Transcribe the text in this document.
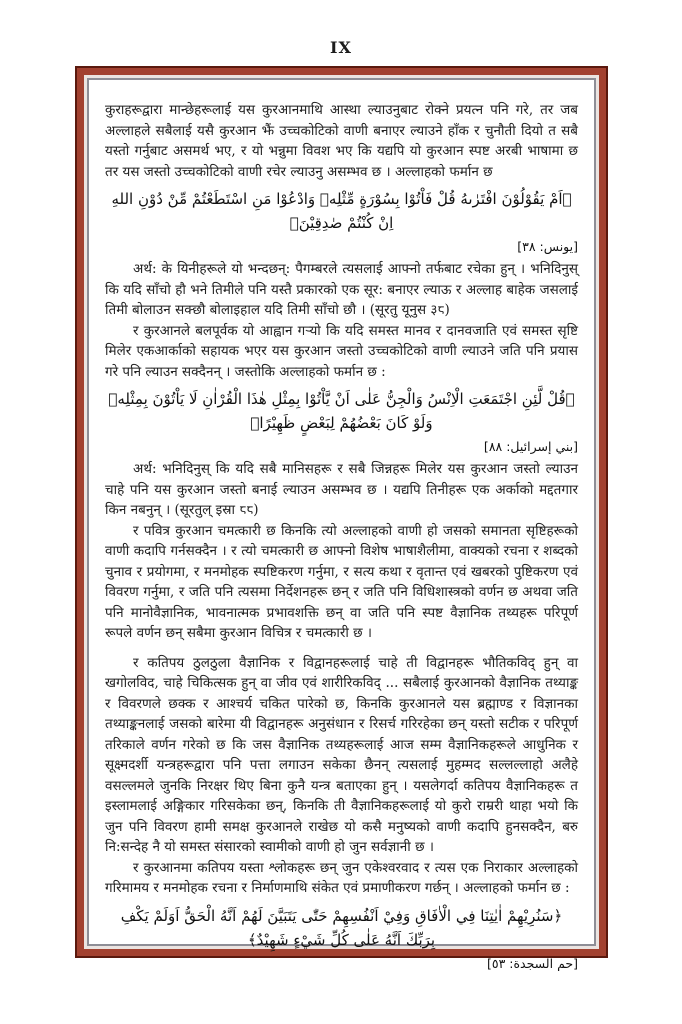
IX

कुराहरूद्वारा मान्छेहरूलाई यस कुरआनमाथि आस्था ल्याउनुबाट रोक्ने प्रयत्न पनि गरे, तर जब अल्लाहले सबैलाई यसै कुरआन झैं उच्चकोटिको वाणी बनाएर ल्याउने हाँक र चुनौती दियो त सबै यस्तो गर्नुबाट असमर्थ भए, र यो भन्नुमा विवश भए कि यद्यपि यो कुरआन स्पष्ट अरबी भाषामा छ तर यस जस्तो उच्चकोटिको वाणी रचेर ल्याउनु असम्भव छ । अल्लाहको फर्मान छ

﴿اَمْ يَقُوْلُوْنَ افْتَرٰىهُ قُلْ فَاْتُوْا بِسُوْرَةٍ مِّثْلِهٖ وَادْعُوْا مَنِ اسْتَطَعْتُمْ مِّنْ دُوْنِ اللهِ اِنْ كُنْتُمْ صٰدِقِيْنَ﴾
[يونس: ٣٨]

अर्थ: के यिनीहरूले यो भन्दछन्: पैगम्बरले त्यसलाई आफ्नो तर्फबाट रचेका हुन् । भनिदिनुस् कि यदि साँचो हौ भने तिमीले पनि यस्तै प्रकारको एक सूर: बनाएर ल्याऊ र अल्लाह बाहेक जसलाई तिमी बोलाउन सक्छौ बोलाइहाल यदि तिमी साँचो छौ । (सूरतु यूनुस ३८)

र कुरआनले बलपूर्वक यो आह्वान गऱ्यो कि यदि समस्त मानव र दानवजाति एवं समस्त सृष्टि मिलेर एकआर्काको सहायक भएर यस कुरआन जस्तो उच्चकोटिको वाणी ल्याउने जति पनि प्रयास गरे पनि ल्याउन सक्दैनन् । जस्तोकि अल्लाहको फर्मान छ :

﴿قُلْ لَّئِنِ اجْتَمَعَتِ الْاِنْسُ وَالْجِنُّ عَلٰى اَنْ يَّاْتُوْا بِمِثْلِ هٰذَا الْقُرْاٰنِ لَا يَاْتُوْنَ بِمِثْلِهٖ وَلَوْ كَانَ بَعْضُهُمْ لِبَعْضٍ ظَهِيْرًا﴾
[بني إسرائيل: ٨٨]

अर्थ: भनिदिनुस् कि यदि सबै मानिसहरू र सबै जिन्नहरू मिलेर यस कुरआन जस्तो ल्याउन चाहे पनि यस कुरआन जस्तो बनाई ल्याउन असम्भव छ । यद्यपि तिनीहरू एक अर्काको मद्दतगार किन नबनुन् । (सूरतुल् इस्रा ८८)

र पवित्र कुरआन चमत्कारी छ किनकि त्यो अल्लाहको वाणी हो जसको समानता सृष्टिहरूको वाणी कदापि गर्नसक्दैन । र त्यो चमत्कारी छ आफ्नो विशेष भाषाशैलीमा, वाक्यको रचना र शब्दको चुनाव र प्रयोगमा, र मनमोहक स्पष्टिकरण गर्नुमा, र सत्य कथा र वृतान्त एवं खबरको पुष्टिकरण एवं विवरण गर्नुमा, र जति पनि त्यसमा निर्देशनहरू छन् र जति पनि विधिशास्त्रको वर्णन छ अथवा जति पनि मानोवैज्ञानिक, भावनात्मक प्रभावशक्ति छन् वा जति पनि स्पष्ट वैज्ञानिक तथ्यहरू परिपूर्ण रूपले वर्णन छन् सबैमा कुरआन विचित्र र चमत्कारी छ ।

र कतिपय ठुलठुला वैज्ञानिक र विद्वानहरूलाई चाहे ती विद्वानहरू भौतिकविद् हुन् वा खगोलविद, चाहे चिकित्सक हुन् वा जीव एवं शारीरिकविद् ... सबैलाई कुरआनको वैज्ञानिक तथ्याङ्क र विवरणले छक्क र आश्चर्य चकित पारेको छ, किनकि कुरआनले यस ब्रह्माण्ड र विज्ञानका तथ्याङ्कनलाई जसको बारेमा यी विद्वानहरू अनुसंधान र रिसर्च गरिरहेका छन् यस्तो सटीक र परिपूर्ण तरिकाले वर्णन गरेको छ कि जस वैज्ञानिक तथ्यहरूलाई आज सम्म वैज्ञानिकहरूले आधुनिक र सूक्ष्मदर्शी यन्त्रहरूद्वारा पनि पत्ता लगाउन सकेका छैनन् त्यसलाई मुहम्मद सल्लल्लाहो अलैहे वसल्लमले जुनकि निरक्षर थिए बिना कुनै यन्त्र बताएका हुन् । यसलेगर्दा कतिपय वैज्ञानिकहरू त इस्लामलाई अङ्गिकार गरिसकेका छन्, किनकि ती वैज्ञानिकहरूलाई यो कुरो राम्ररी थाहा भयो कि जुन पनि विवरण हामी समक्ष कुरआनले राखेछ यो कसै मनुष्यको वाणी कदापि हुनसक्दैन, बरु नि:सन्देह नै यो समस्त संसारको स्वामीको वाणी हो जुन सर्वज्ञानी छ ।

र कुरआनमा कतिपय यस्ता श्लोकहरू छन् जुन एकेश्वरवाद र त्यस एक निराकार अल्लाहको गरिमामय र मनमोहक रचना र निर्माणमाथि संकेत एवं प्रमाणीकरण गर्छन् । अल्लाहको फर्मान छ :

﴿سَنُرِيْهِمْ اٰيٰتِنَا فِي الْاٰفَاقِ وَفِيْ اَنْفُسِهِمْ حَتّٰى يَتَبَيَّنَ لَهُمْ اَنَّهُ الْحَقُّ اَوَلَمْ يَكْفِ بِرَبِّكَ اَنَّهُ عَلٰى كُلِّ شَيْءٍ شَهِيْدٌ﴾
[حم السجدة: ٥٣]
